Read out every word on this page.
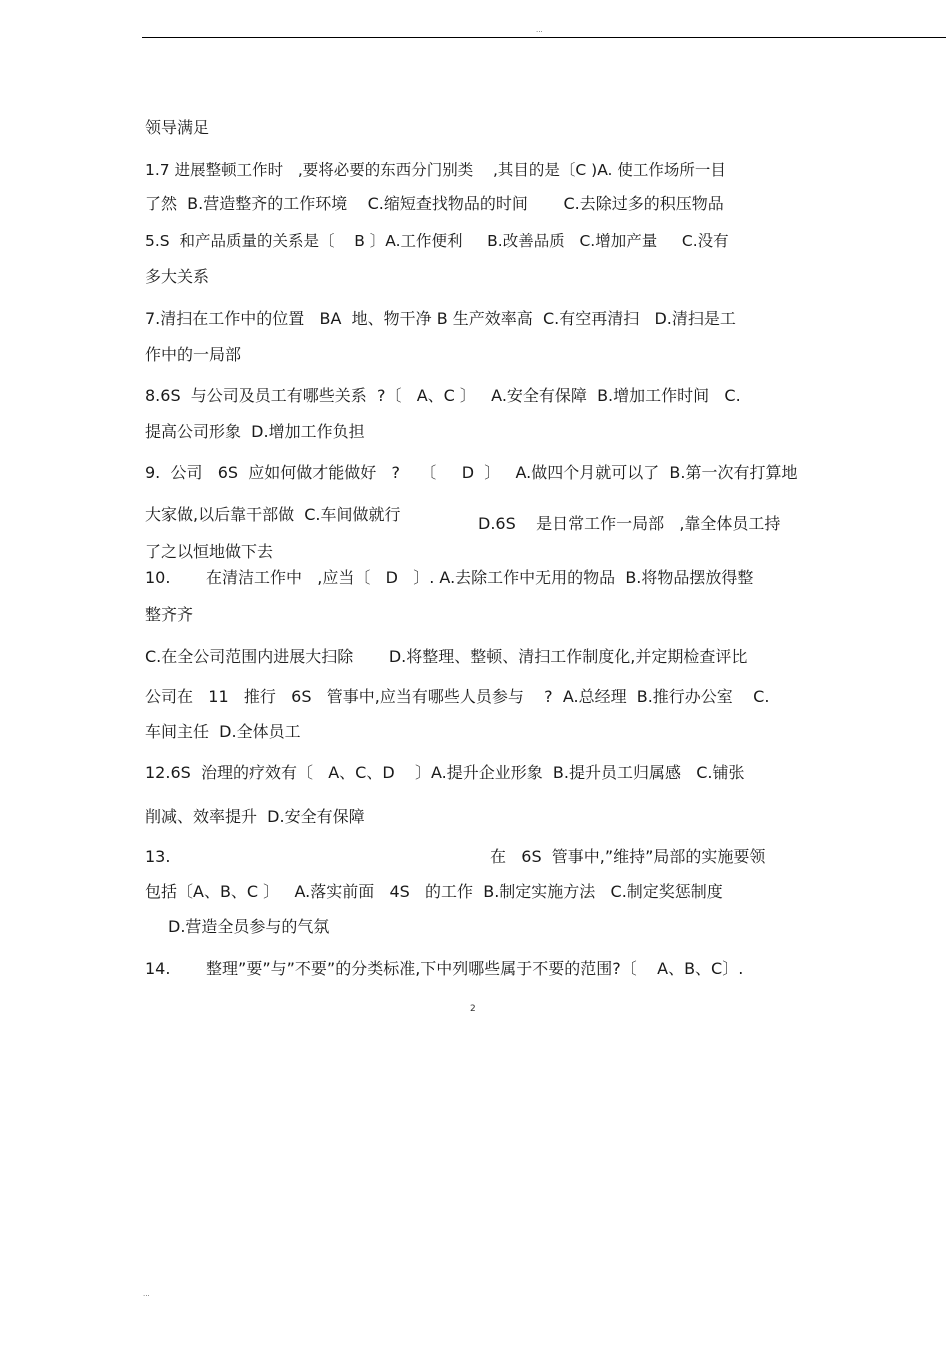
...
领导满足
1.7 进展整顿工作时   ,要将必要的东西分门别类    ,其目的是〔C )A. 使工作场所一目
了然  B.营造整齐的工作环境    C.缩短查找物品的时间       C.去除过多的积压物品
5.S  和产品质量的关系是〔    B 〕A.工作便利     B.改善品质   C.增加产量     C.没有
多大关系
7.清扫在工作中的位置   BA  地、物干净 B 生产效率高  C.有空再清扫   D.清扫是工
作中的一局部
8.6S  与公司及员工有哪些关系  ?〔   A、C 〕   A.安全有保障  B.增加工作时间   C.
提高公司形象  D.增加工作负担
9.  公司   6S  应如何做才能做好   ?    〔     D  〕   A.做四个月就可以了  B.第一次有打算地
大家做,以后靠干部做  C.车间做就行	D.6S    是日常工作一局部   ,靠全体员工持
了之以恒地做下去
10.       在清洁工作中   ,应当〔   D   〕. A.去除工作中无用的物品  B.将物品摆放得整
整齐齐
C.在全公司范围内进展大扫除       D.将整理、整顿、清扫工作制度化,并定期检查评比
公司在   11   推行   6S   管事中,应当有哪些人员参与    ?  A.总经理  B.推行办公室    C.
车间主任  D.全体员工
12.6S  治理的疗效有〔   A、C、D    〕A.提升企业形象  B.提升员工归属感   C.铺张
削减、效率提升  D.安全有保障
13.	在   6S  管事中,”维持”局部的实施要领
包括〔A、B、C 〕   A.落实前面   4S   的工作  B.制定实施方法   C.制定奖惩制度
D.营造全员参与的气氛
14.       整理”要”与”不要”的分类标准,下中列哪些属于不要的范围?〔    A、B、C〕.
2
...
